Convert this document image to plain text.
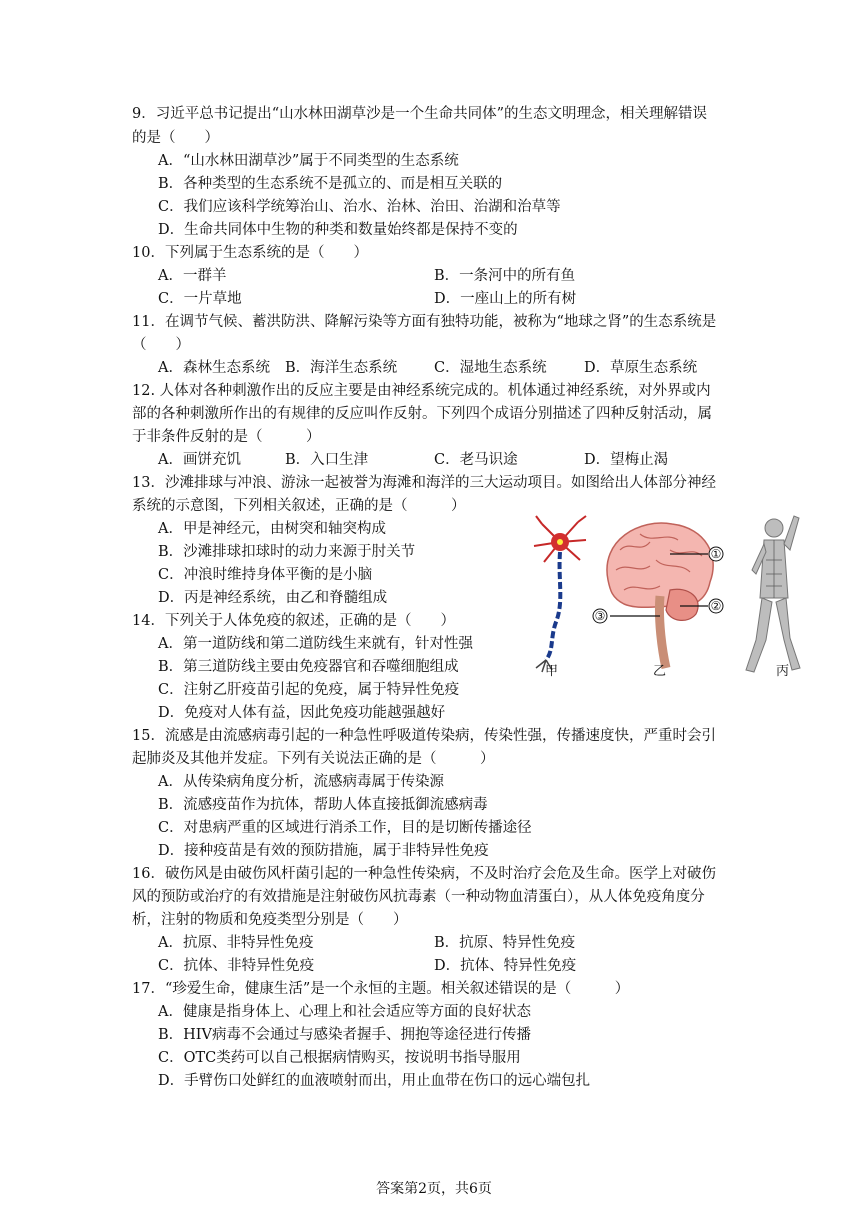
9．习近平总书记提出“山水林田湖草沙是一个生命共同体”的生态文明理念，相关理解错误
的是（　　）
A．“山水林田湖草沙”属于不同类型的生态系统
B．各种类型的生态系统不是孤立的、而是相互关联的
C．我们应该科学统筹治山、治水、治林、治田、治湖和治草等
D．生命共同体中生物的种类和数量始终都是保持不变的
10．下列属于生态系统的是（　　）
A．一群羊	B．一条河中的所有鱼
C．一片草地	D．一座山上的所有树
11．在调节气候、蓄洪防洪、降解污染等方面有独特功能，被称为“地球之肾”的生态系统是
（　　）
A．森林生态系统 B．海洋生态系统	C．湿地生态系统	D．草原生态系统
12. 人体对各种刺激作出的反应主要是由神经系统完成的。机体通过神经系统，对外界或内
部的各种刺激所作出的有规律的反应叫作反射。下列四个成语分别描述了四种反射活动，属
于非条件反射的是（　　　）
A．画饼充饥	B．入口生津	C．老马识途	D．望梅止渴
13．沙滩排球与冲浪、游泳一起被誉为海滩和海洋的三大运动项目。如图给出人体部分神经
系统的示意图，下列相关叙述，正确的是（　　　）
A．甲是神经元，由树突和轴突构成
B．沙滩排球扣球时的动力来源于肘关节
C．冲浪时维持身体平衡的是小脑
D．丙是神经系统，由乙和脊髓组成
甲	乙	丙
①
②
③
14．下列关于人体免疫的叙述，正确的是（　　）
A．第一道防线和第二道防线生来就有，针对性强
B．第三道防线主要由免疫器官和吞噬细胞组成
C．注射乙肝疫苗引起的免疫，属于特异性免疫
D．免疫对人体有益，因此免疫功能越强越好
15．流感是由流感病毒引起的一种急性呼吸道传染病，传染性强，传播速度快，严重时会引
起肺炎及其他并发症。下列有关说法正确的是（　　　）
A．从传染病角度分析，流感病毒属于传染源
B．流感疫苗作为抗体，帮助人体直接抵御流感病毒
C．对患病严重的区域进行消杀工作，目的是切断传播途径
D．接种疫苗是有效的预防措施，属于非特异性免疫
16．破伤风是由破伤风杆菌引起的一种急性传染病，不及时治疗会危及生命。医学上对破伤
风的预防或治疗的有效措施是注射破伤风抗毒素（一种动物血清蛋白），从人体免疫角度分
析，注射的物质和免疫类型分别是（　　）
A．抗原、非特异性免疫	B．抗原、特异性免疫
C．抗体、非特异性免疫	D．抗体、特异性免疫
17．“珍爱生命，健康生活”是一个永恒的主题。相关叙述错误的是（　　　）
A．健康是指身体上、心理上和社会适应等方面的良好状态
B．HIV病毒不会通过与感染者握手、拥抱等途径进行传播
C．OTC类药可以自己根据病情购买，按说明书指导服用
D．手臂伤口处鲜红的血液喷射而出，用止血带在伤口的远心端包扎
答案第2页，共6页
